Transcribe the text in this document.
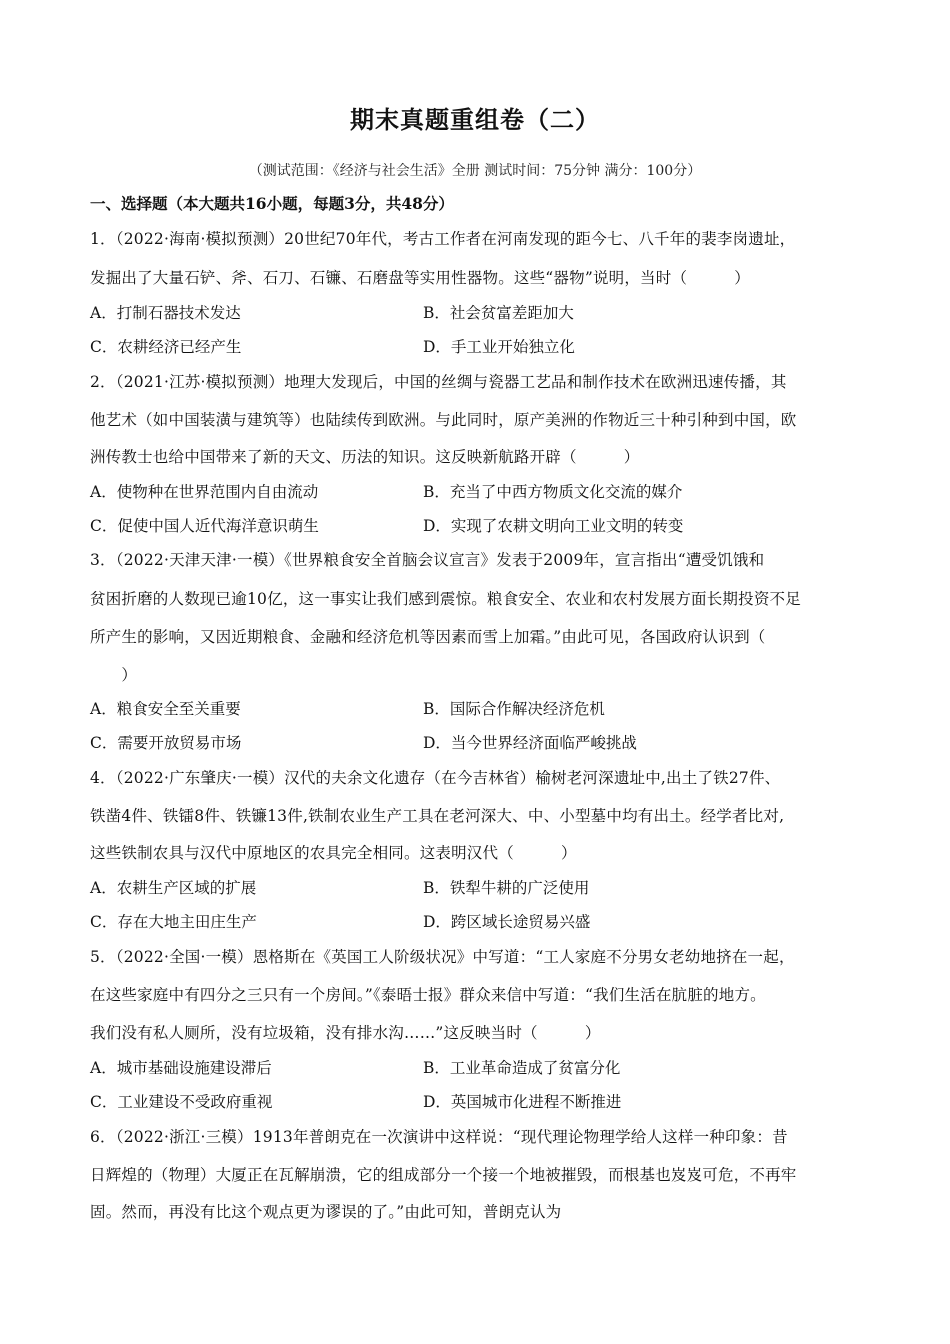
期末真题重组卷（二）
（测试范围：《经济与社会生活》全册 测试时间：75分钟 满分：100分）
一、选择题（本大题共16小题，每题3分，共48分）
1．（2022·海南·模拟预测）20世纪70年代，考古工作者在河南发现的距今七、八千年的裴李岗遗址，
发掘出了大量石铲、斧、石刀、石镰、石磨盘等实用性器物。这些“器物”说明，当时（　　　）
A．打制石器技术发达	B．社会贫富差距加大
C．农耕经济已经产生	D．手工业开始独立化
2．（2021·江苏·模拟预测）地理大发现后，中国的丝绸与瓷器工艺品和制作技术在欧洲迅速传播，其
他艺术（如中国装潢与建筑等）也陆续传到欧洲。与此同时，原产美洲的作物近三十种引种到中国，欧
洲传教士也给中国带来了新的天文、历法的知识。这反映新航路开辟（　　　）
A．使物种在世界范围内自由流动	B．充当了中西方物质文化交流的媒介
C．促使中国人近代海洋意识萌生	D．实现了农耕文明向工业文明的转变
3．（2022·天津天津·一模）《世界粮食安全首脑会议宣言》发表于2009年，宣言指出“遭受饥饿和
贫困折磨的人数现已逾10亿，这一事实让我们感到震惊。粮食安全、农业和农村发展方面长期投资不足
所产生的影响，又因近期粮食、金融和经济危机等因素而雪上加霜。”由此可见，各国政府认识到（
　　）
A．粮食安全至关重要	B．国际合作解决经济危机
C．需要开放贸易市场	D．当今世界经济面临严峻挑战
4．（2022·广东肇庆·一模）汉代的夫余文化遗存（在今吉林省）榆树老河深遗址中,出土了铁27件、
铁凿4件、铁镭8件、铁镰13件,铁制农业生产工具在老河深大、中、小型墓中均有出土。经学者比对,
这些铁制农具与汉代中原地区的农具完全相同。这表明汉代（　　　）
A．农耕生产区域的扩展	B．铁犁牛耕的广泛使用
C．存在大地主田庄生产	D．跨区域长途贸易兴盛
5．（2022·全国·一模）恩格斯在《英国工人阶级状况》中写道：“工人家庭不分男女老幼地挤在一起，
在这些家庭中有四分之三只有一个房间。”《泰晤士报》群众来信中写道：“我们生活在肮脏的地方。
我们没有私人厕所，没有垃圾箱，没有排水沟……”这反映当时（　　　）
A．城市基础设施建设滞后	B．工业革命造成了贫富分化
C．工业建设不受政府重视	D．英国城市化进程不断推进
6．（2022·浙江·三模）1913年普朗克在一次演讲中这样说：“现代理论物理学给人这样一种印象：昔
日辉煌的（物理）大厦正在瓦解崩溃，它的组成部分一个接一个地被摧毁，而根基也岌岌可危，不再牢
固。然而，再没有比这个观点更为谬误的了。”由此可知，普朗克认为
